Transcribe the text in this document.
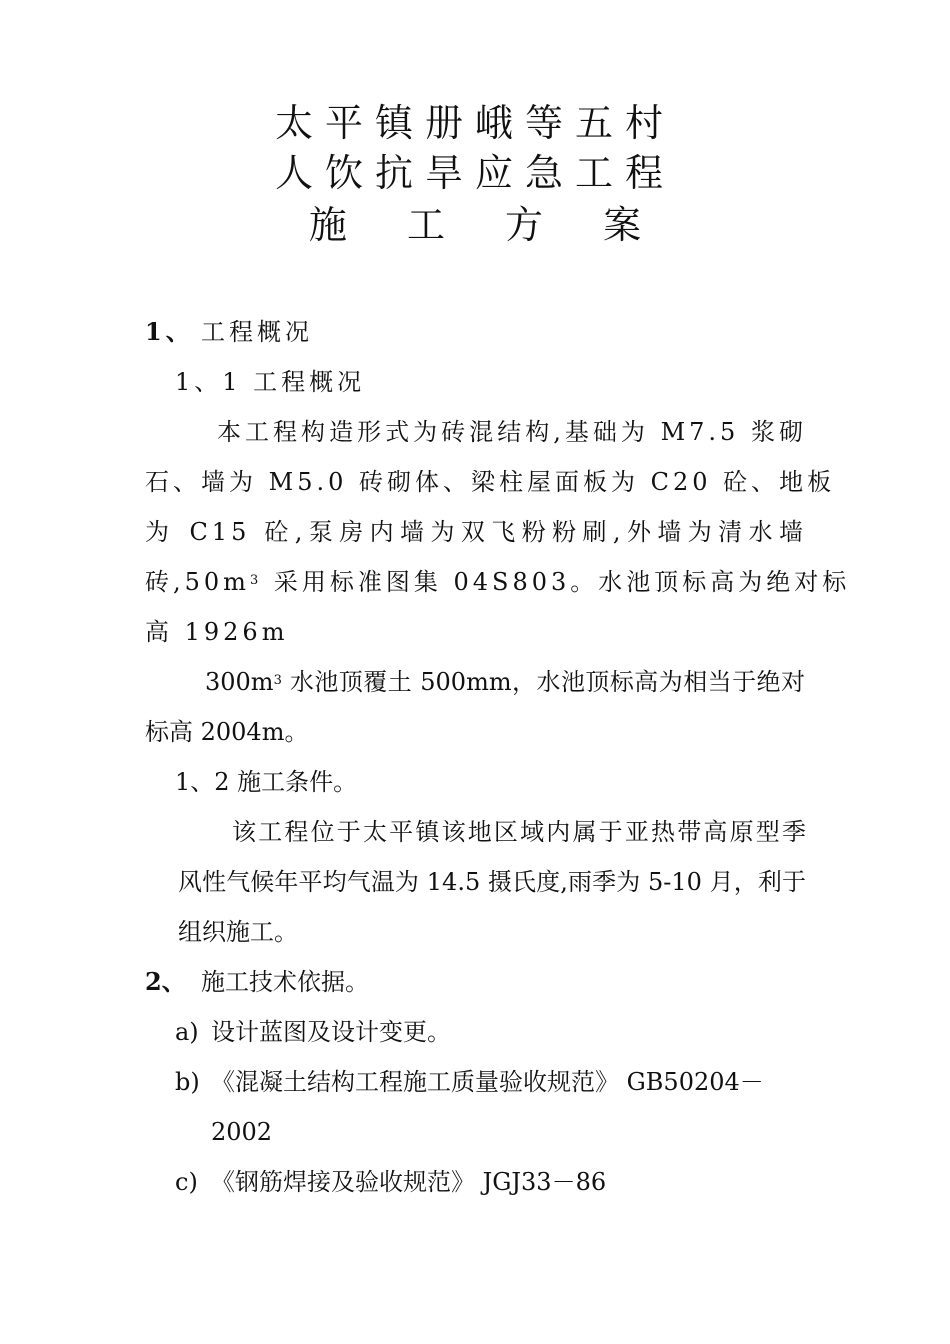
太平镇册峨等五村
人饮抗旱应急工程
施 工 方 案
1、 工程概况
1、1 工程概况
本工程构造形式为砖混结构,基础为 M7.5 浆砌
石、墙为 M5.0 砖砌体、梁柱屋面板为 C20 砼、地板
为 C15 砼,泵房内墙为双飞粉粉刷,外墙为清水墙
砖$,50m^3$ 采用标准图集 04S803。水池顶标高为绝对标
高 1926m
$300m^3$ 水池顶覆土 500mm，水池顶标高为相当于绝对
标高 2004m。
1、2 施工条件。
该工程位于太平镇该地区域内属于亚热带高原型季
风性气候年平均气温为 14.5 摄氏度,雨季为 5-10 月，利于
组织施工。
2、 施工技术依据。
a) 设计蓝图及设计变更。
b) 《混凝土结构工程施工质量验收规范》 GB50204－
2002
c) 《钢筋焊接及验收规范》 JGJ33－86
